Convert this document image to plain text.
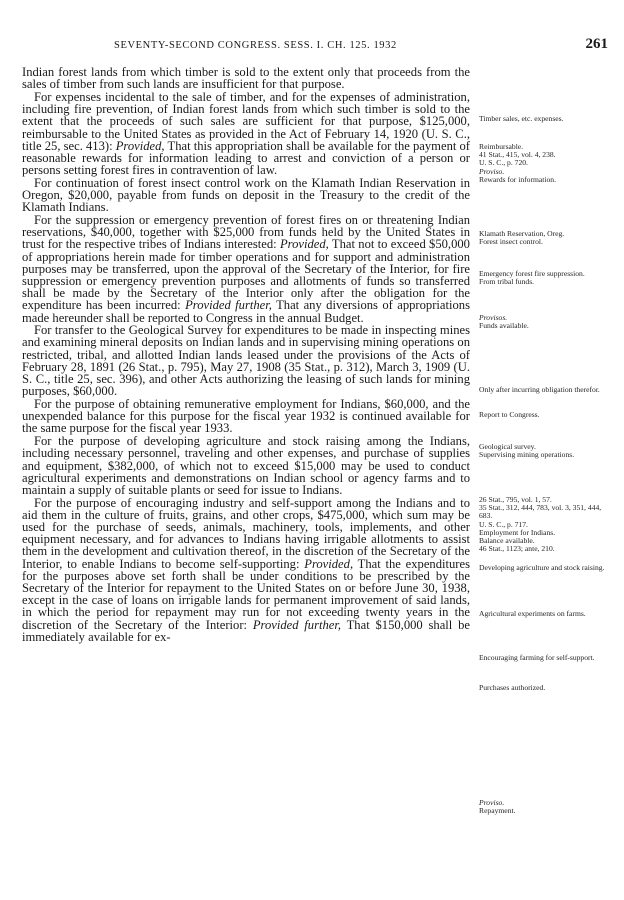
SEVENTY-SECOND CONGRESS. SESS. I. CH. 125. 1932	261

Indian forest lands from which timber is sold to the extent only that proceeds from the sales of timber from such lands are insufficient for that purpose.

For expenses incidental to the sale of timber, and for the expenses of administration, including fire prevention, of Indian forest lands from which such timber is sold to the extent that the proceeds of such sales are sufficient for that purpose, $125,000, reimbursable to the United States as provided in the Act of February 14, 1920 (U. S. C., title 25, sec. 413): Provided, That this appropriation shall be available for the payment of reasonable rewards for information leading to arrest and conviction of a person or persons setting forest fires in contravention of law.

For continuation of forest insect control work on the Klamath Indian Reservation in Oregon, $20,000, payable from funds on deposit in the Treasury to the credit of the Klamath Indians.

For the suppression or emergency prevention of forest fires on or threatening Indian reservations, $40,000, together with $25,000 from funds held by the United States in trust for the respective tribes of Indians interested: Provided, That not to exceed $50,000 of appropriations herein made for timber operations and for support and administration purposes may be transferred, upon the approval of the Secretary of the Interior, for fire suppression or emergency prevention purposes and allotments of funds so transferred shall be made by the Secretary of the Interior only after the obligation for the expenditure has been incurred: Provided further, That any diversions of appropriations made hereunder shall be reported to Congress in the annual Budget.

For transfer to the Geological Survey for expenditures to be made in inspecting mines and examining mineral deposits on Indian lands and in supervising mining operations on restricted, tribal, and allotted Indian lands leased under the provisions of the Acts of February 28, 1891 (26 Stat., p. 795), May 27, 1908 (35 Stat., p. 312), March 3, 1909 (U. S. C., title 25, sec. 396), and other Acts authorizing the leasing of such lands for mining purposes, $60,000.

For the purpose of obtaining remunerative employment for Indians, $60,000, and the unexpended balance for this purpose for the fiscal year 1932 is continued available for the same purpose for the fiscal year 1933.

For the purpose of developing agriculture and stock raising among the Indians, including necessary personnel, traveling and other expenses, and purchase of supplies and equipment, $382,000, of which not to exceed $15,000 may be used to conduct agricultural experiments and demonstrations on Indian school or agency farms and to maintain a supply of suitable plants or seed for issue to Indians.

For the purpose of encouraging industry and self-support among the Indians and to aid them in the culture of fruits, grains, and other crops, $475,000, which sum may be used for the purchase of seeds, animals, machinery, tools, implements, and other equipment necessary, and for advances to Indians having irrigable allotments to assist them in the development and cultivation thereof, in the discretion of the Secretary of the Interior, to enable Indians to become self-supporting: Provided, That the expenditures for the purposes above set forth shall be under conditions to be prescribed by the Secretary of the Interior for repayment to the United States on or before June 30, 1938, except in the case of loans on irrigable lands for permanent improvement of said lands, in which the period for repayment may run for not exceeding twenty years in the discretion of the Secretary of the Interior: Provided further, That $150,000 shall be immediately available for ex-

Timber sales, etc. expenses.
Reimbursable.
41 Stat., 415, vol. 4, 238.
U. S. C., p. 720.
Proviso.
Rewards for information.
Klamath Reservation, Oreg.
Forest insect control.
Emergency forest fire suppression.
From tribal funds.
Provisos.
Funds available.
Only after incurring obligation therefor.
Report to Congress.
Geological survey.
Supervising mining operations.
26 Stat., 795, vol. 1, 57.
35 Stat., 312, 444, 783, vol. 3, 351, 444, 683.
U. S. C., p. 717.
Employment for Indians.
Balance available.
46 Stat., 1123; ante, 210.
Developing agriculture and stock raising.
Agricultural experiments on farms.
Encouraging farming for self-support.
Purchases authorized.
Proviso.
Repayment.
